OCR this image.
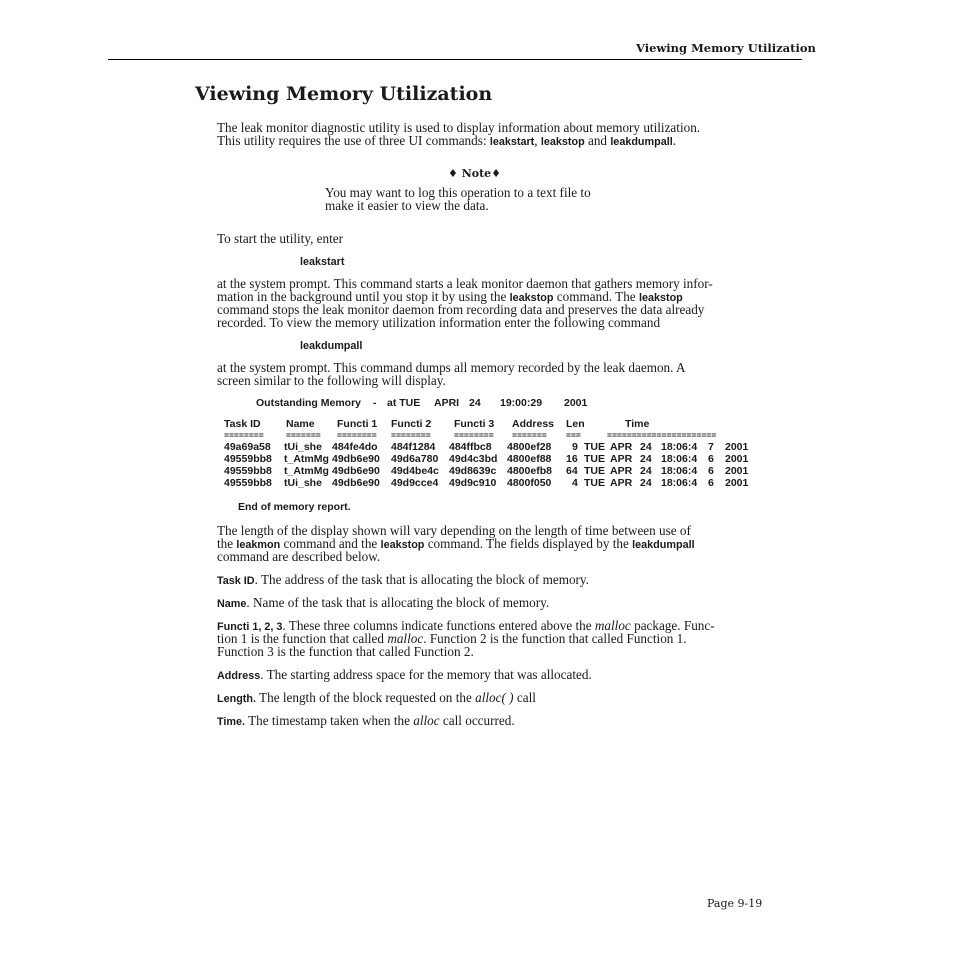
Viewing Memory Utilization
Viewing Memory Utilization
The leak monitor diagnostic utility is used to display information about memory utilization.
This utility requires the use of three UI commands: leakstart, leakstop and leakdumpall.
♦ Note♦
You may want to log this operation to a text file to
make it easier to view the data.
To start the utility, enter
leakstart
at the system prompt. This command starts a leak monitor daemon that gathers memory infor-
mation in the background until you stop it by using the leakstop command. The leakstop
command stops the leak monitor daemon from recording data and preserves the data already
recorded. To view the memory utilization information enter the following command
leakdumpall
at the system prompt. This command dumps all memory recorded by the leak daemon. A
screen similar to the following will display.
Outstanding Memory - at TUE APRI 24 19:00:29 2001
Task ID Name Functi 1 Functi 2 Functi 3 Address Len	Time
========	======= ======== ========	======== ======= ===	======================
49a69a58 tUi_she 484fe4do 484f1284 484ffbc8 4800ef28 9 TUE APR 24 18:06:4 7 2001
49559bb8 t_AtmMg 49db6e90 49d6a780 49d4c3bd 4800ef88 16 TUE APR 24 18:06:4 6 2001
49559bb8 t_AtmMg 49db6e90 49d4be4c 49d8639c 4800efb8 64 TUE APR 24 18:06:4 6 2001
49559bb8 tUi_she 49db6e90 49d9cce4 49d9c910 4800f050 4 TUE APR 24 18:06:4 6 2001
End of memory report.
The length of the display shown will vary depending on the length of time between use of
the leakmon command and the leakstop command. The fields displayed by the leakdumpall
command are described below.
Task ID. The address of the task that is allocating the block of memory.
Name. Name of the task that is allocating the block of memory.
Functi 1, 2, 3. These three columns indicate functions entered above the malloc package. Func-
tion 1 is the function that called malloc. Function 2 is the function that called Function 1.
Function 3 is the function that called Function 2.
Address. The starting address space for the memory that was allocated.
Length. The length of the block requested on the alloc( ) call
Time. The timestamp taken when the alloc call occurred.
Page 9-19
